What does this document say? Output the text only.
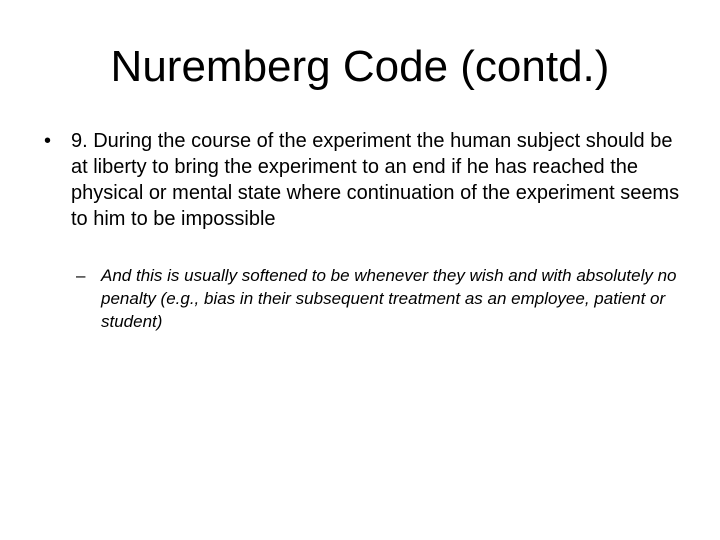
Nuremberg Code (contd.)
• 9. During the course of the experiment the human subject should be at liberty to bring the experiment to an end if he has reached the physical or mental state where continuation of the experiment seems to him to be impossible
– And this is usually softened to be whenever they wish and with absolutely no penalty (e.g., bias in their subsequent treatment as an employee, patient or student)
